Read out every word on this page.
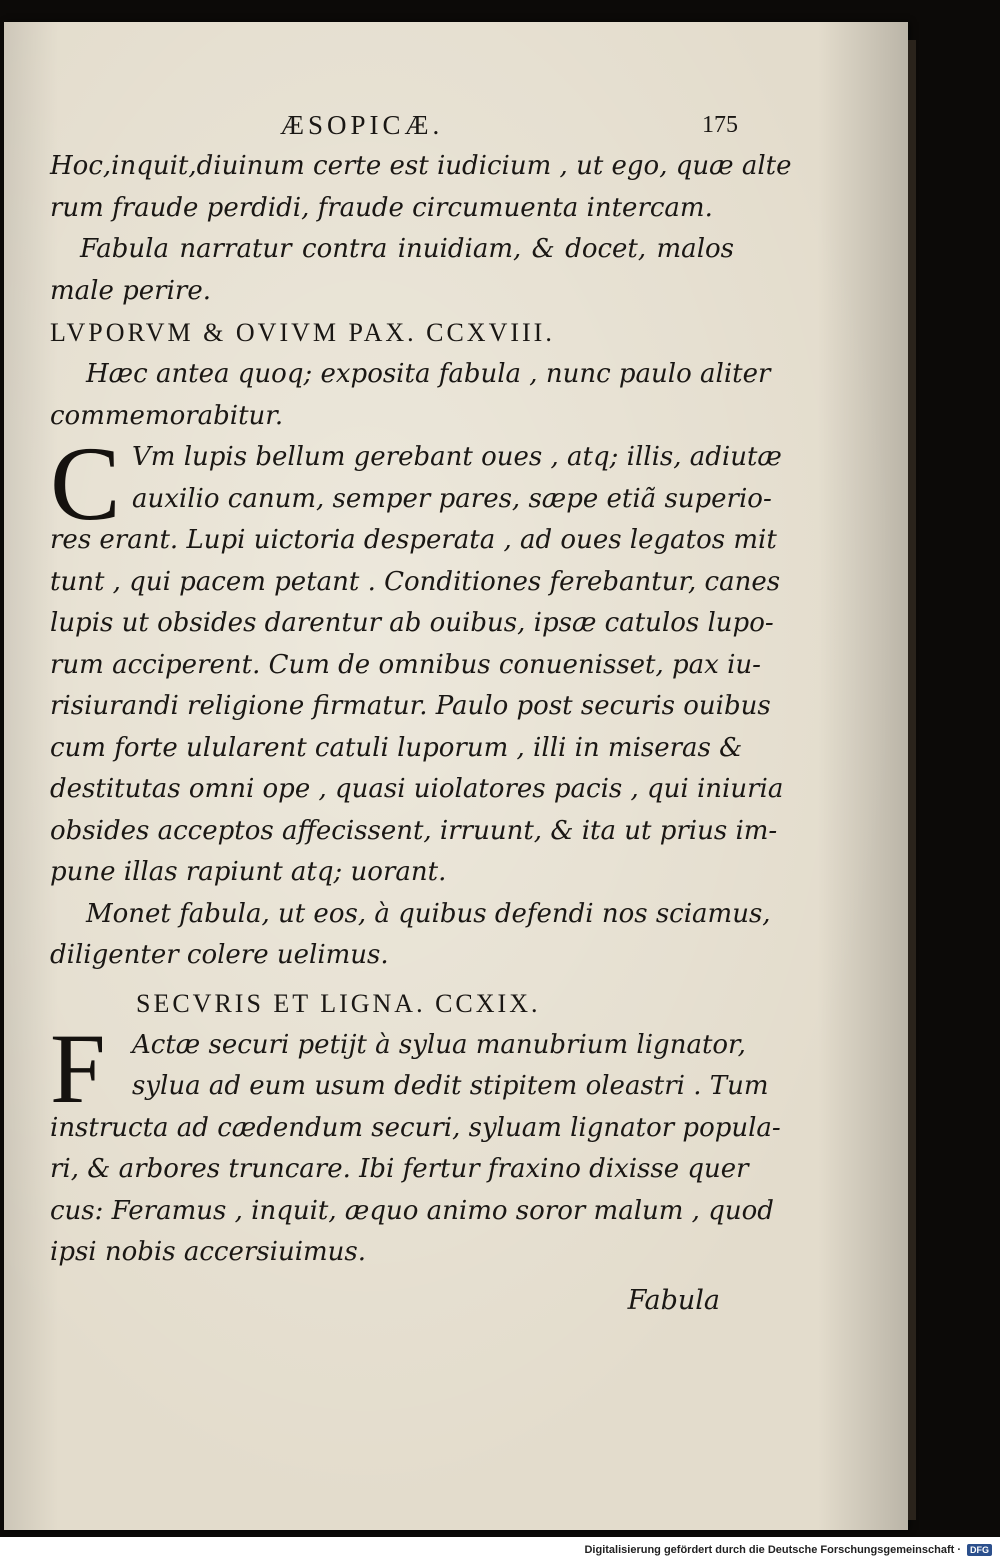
ÆSOPICÆ.	175
Hoc,inquit,diuinum certe est iudicium , ut ego, quæ alte
rum fraude perdidi, fraude circumuenta intercam.
Fabula narratur contra inuidiam, & docet, malos
male perire.
LVPORVM & OVIVM PAX. CCXVIII.
Hæc antea quoq; exposita fabula , nunc paulo aliter
commemorabitur.
C Vm lupis bellum gerebant oues , atq; illis, adiutæ
auxilio canum, semper pares, sæpe etiã superio-
res erant. Lupi uictoria desperata , ad oues legatos mit
tunt , qui pacem petant . Conditiones ferebantur, canes
lupis ut obsides darentur ab ouibus, ipsæ catulos lupo-
rum acciperent. Cum de omnibus conuenisset, pax iu-
risiurandi religione firmatur. Paulo post securis ouibus
cum forte ulularent catuli luporum , illi in miseras &
destitutas omni ope , quasi uiolatores pacis , qui iniuria
obsides acceptos affecissent, irruunt, & ita ut prius im-
pune illas rapiunt atq; uorant.
Monet fabula, ut eos, à quibus defendi nos sciamus,
diligenter colere uelimus.
SECVRIS ET LIGNA. CCXIX.
F	Actæ securi petijt à sylua manubrium lignator,
sylua ad eum usum dedit stipitem oleastri . Tum
instructa ad cædendum securi, syluam lignator popula-
ri, & arbores truncare. Ibi fertur fraxino dixisse quer
cus: Feramus , inquit, æquo animo soror malum , quod
ipsi nobis accersiuimus.
Fabula
Digitalisierung gefördert durch die Deutsche Forschungsgemeinschaft ·	DFG
